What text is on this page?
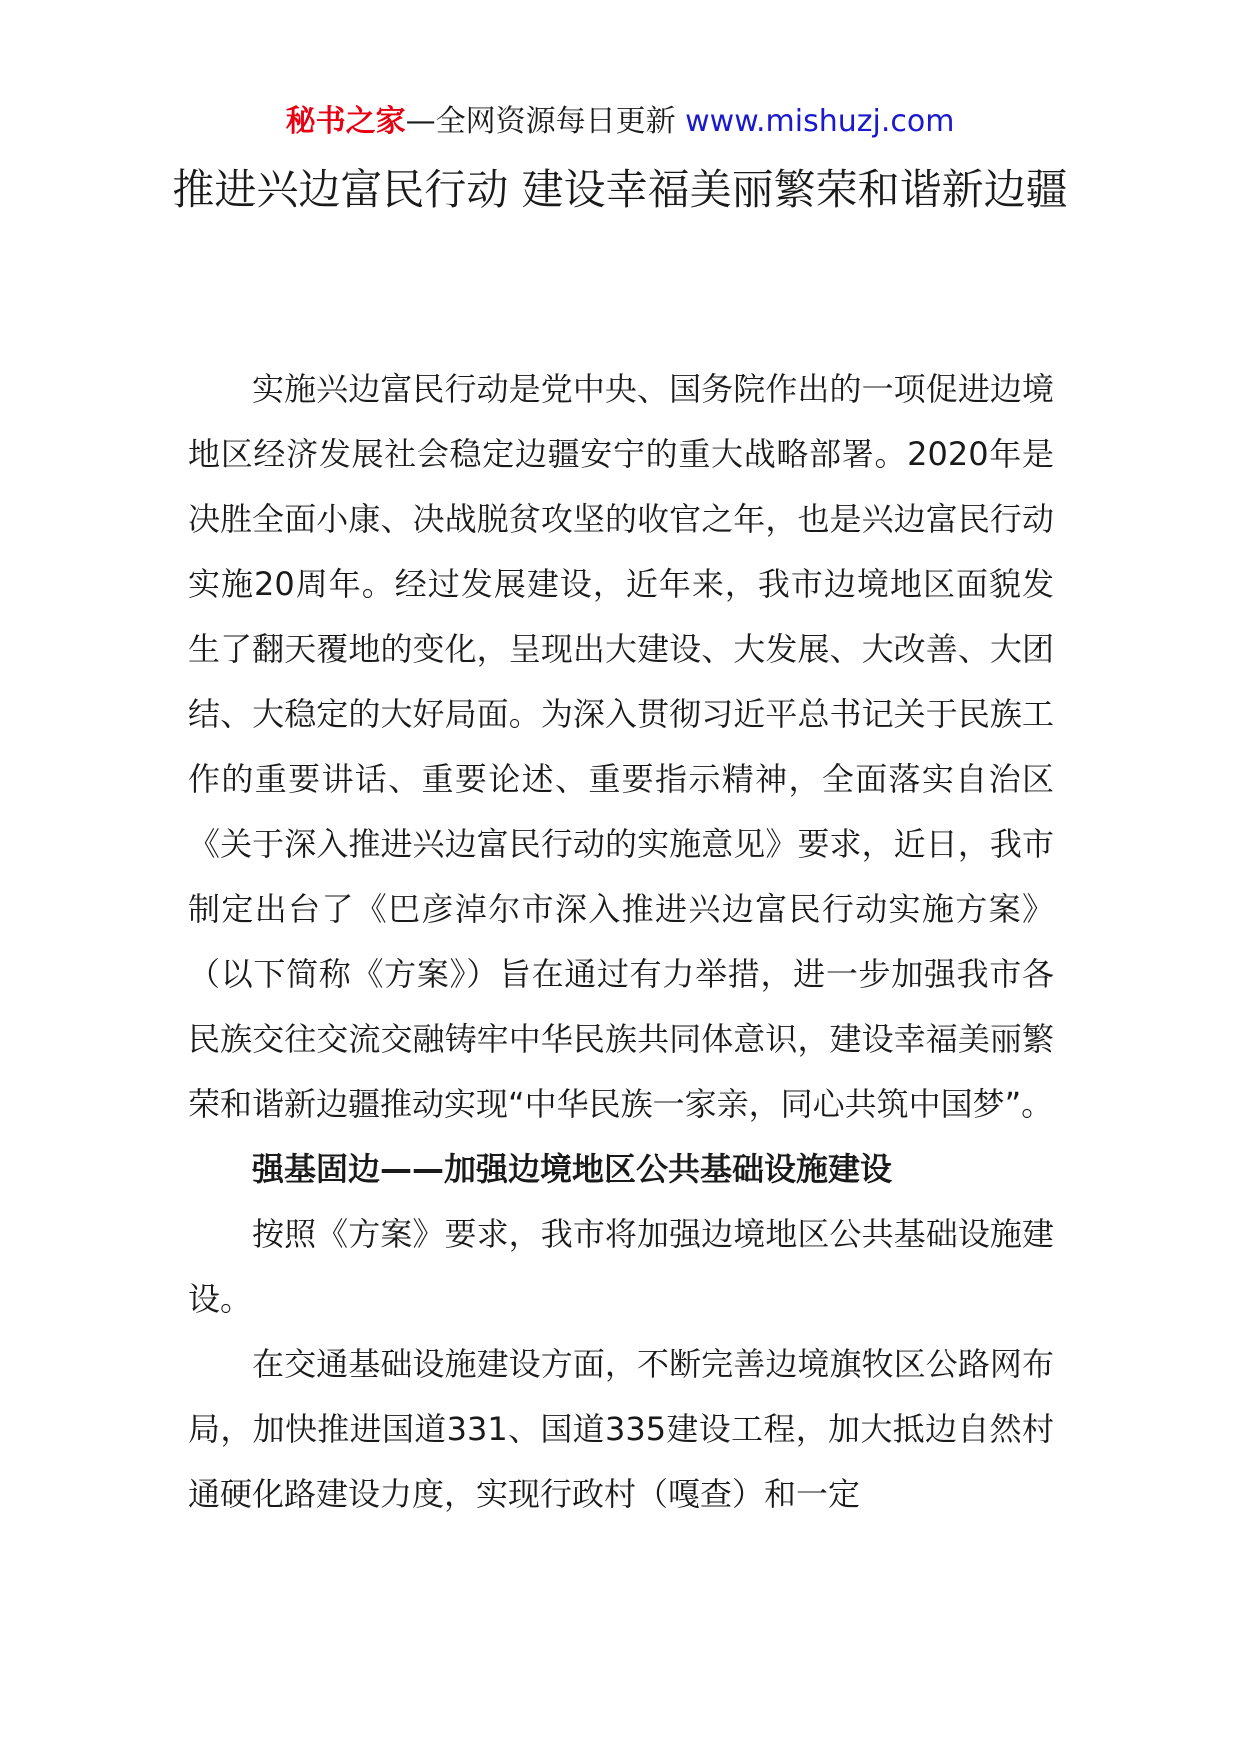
秘书之家—全网资源每日更新 www.mishuzj.com
推进兴边富民行动 建设幸福美丽繁荣和谐新边疆

实施兴边富民行动是党中央、国务院作出的一项促进边境地区经济发展社会稳定边疆安宁的重大战略部署。2020年是决胜全面小康、决战脱贫攻坚的收官之年，也是兴边富民行动实施20周年。经过发展建设，近年来，我市边境地区面貌发生了翻天覆地的变化，呈现出大建设、大发展、大改善、大团结、大稳定的大好局面。为深入贯彻习近平总书记关于民族工作的重要讲话、重要论述、重要指示精神，全面落实自治区《关于深入推进兴边富民行动的实施意见》要求，近日，我市制定出台了《巴彦淖尔市深入推进兴边富民行动实施方案》（以下简称《方案》）旨在通过有力举措，进一步加强我市各民族交往交流交融铸牢中华民族共同体意识，建设幸福美丽繁荣和谐新边疆推动实现“中华民族一家亲，同心共筑中国梦”。

强基固边——加强边境地区公共基础设施建设

按照《方案》要求，我市将加强边境地区公共基础设施建设。

在交通基础设施建设方面，不断完善边境旗牧区公路网布局，加快推进国道331、国道335建设工程，加大抵边自然村通硬化路建设力度，实现行政村（嘎查）和一定
